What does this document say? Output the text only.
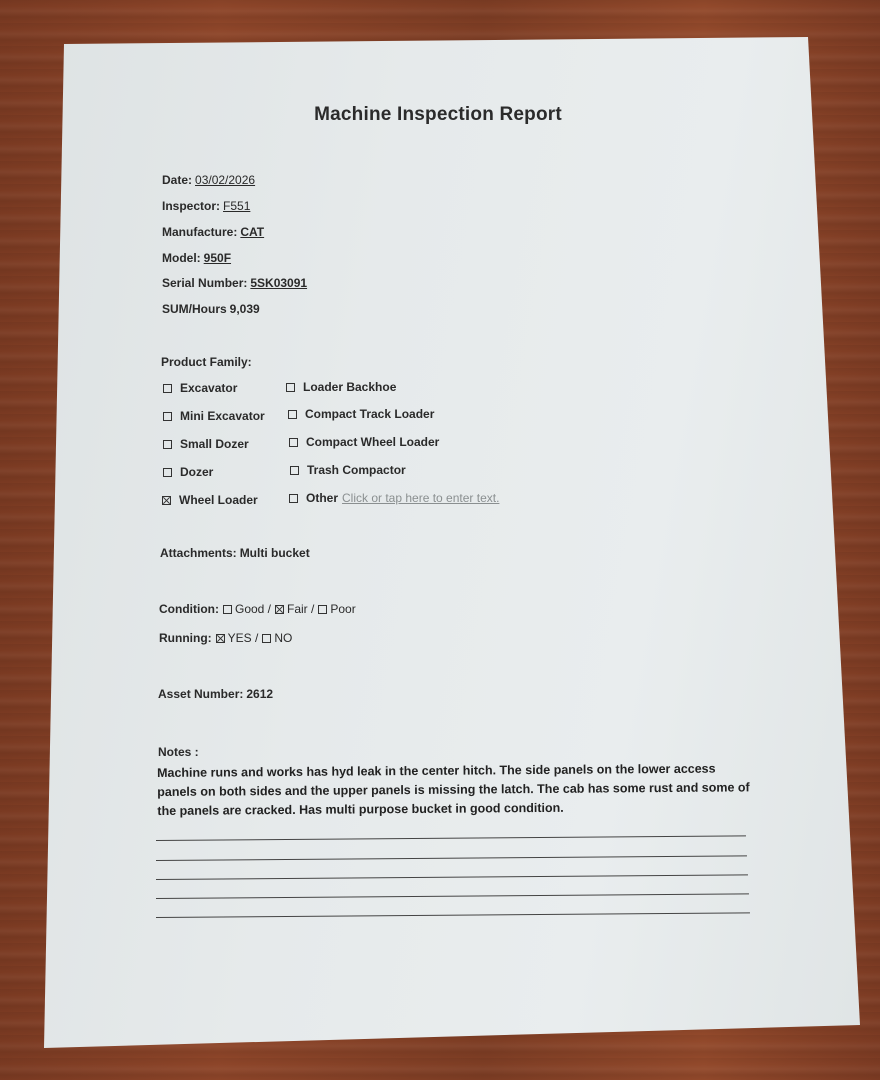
Machine Inspection Report
Date: 03/02/2026
Inspector: F551
Manufacture: CAT
Model: 950F
Serial Number: 5SK03091
SUM/Hours 9,039
Product Family:
Excavator
Mini Excavator
Small Dozer
Dozer
Wheel Loader
Loader Backhoe
Compact Track Loader
Compact Wheel Loader
Trash Compactor
Other Click or tap here to enter text.
Attachments: Multi bucket
Condition: Good / Fair / Poor
Running: YES / NO
Asset Number: 2612
Notes :
Machine runs and works has hyd leak in the center hitch. The side panels on the lower access panels on both sides and the upper panels is missing the latch. The cab has some rust and some of the panels are cracked. Has multi purpose bucket in good condition.
